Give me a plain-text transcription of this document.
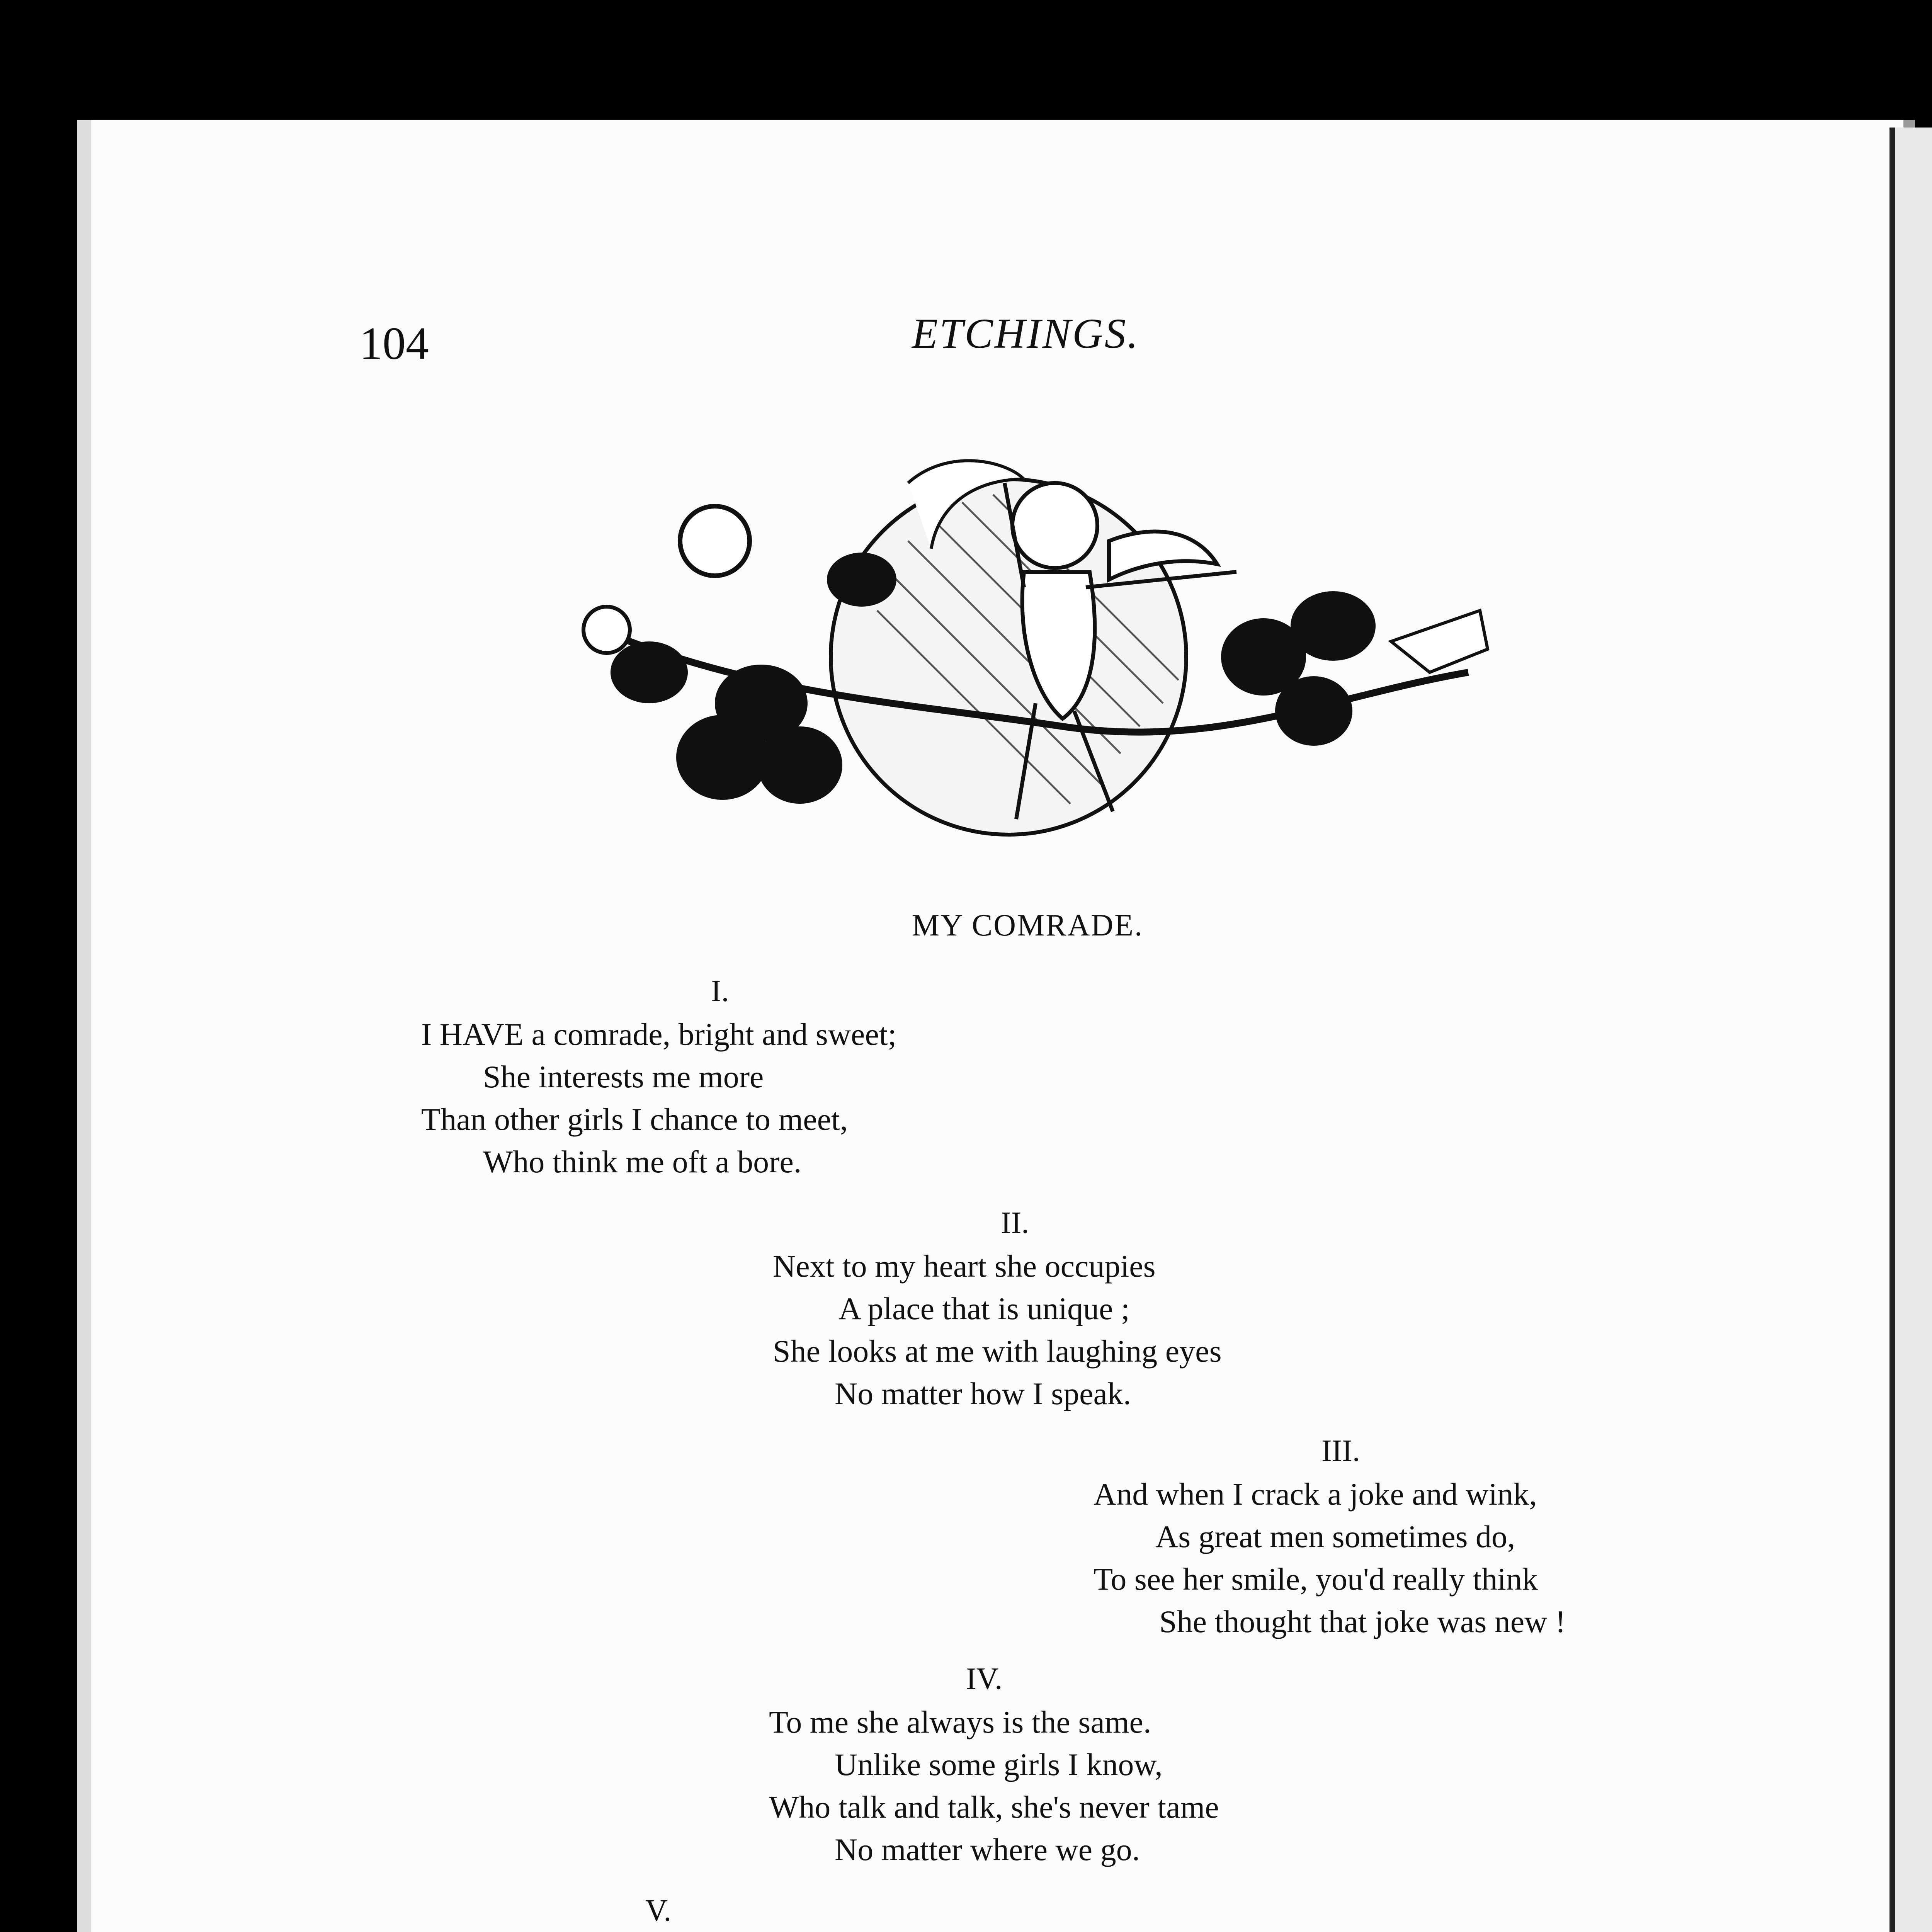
104	ETCHINGS.
MY COMRADE.
I.
I HAVE a comrade, bright and sweet;
She interests me more
Than other girls I chance to meet,
Who think me oft a bore.
II.
Next to my heart she occupies
A place that is unique ;
She looks at me with laughing eyes
No matter how I speak.
III.
And when I crack a joke and wink,
As great men sometimes do,
To see her smile, you'd really think
She thought that joke was new !
IV.
To me she always is the same.
Unlike some girls I know,
Who talk and talk, she's never tame
No matter where we go.
V.
